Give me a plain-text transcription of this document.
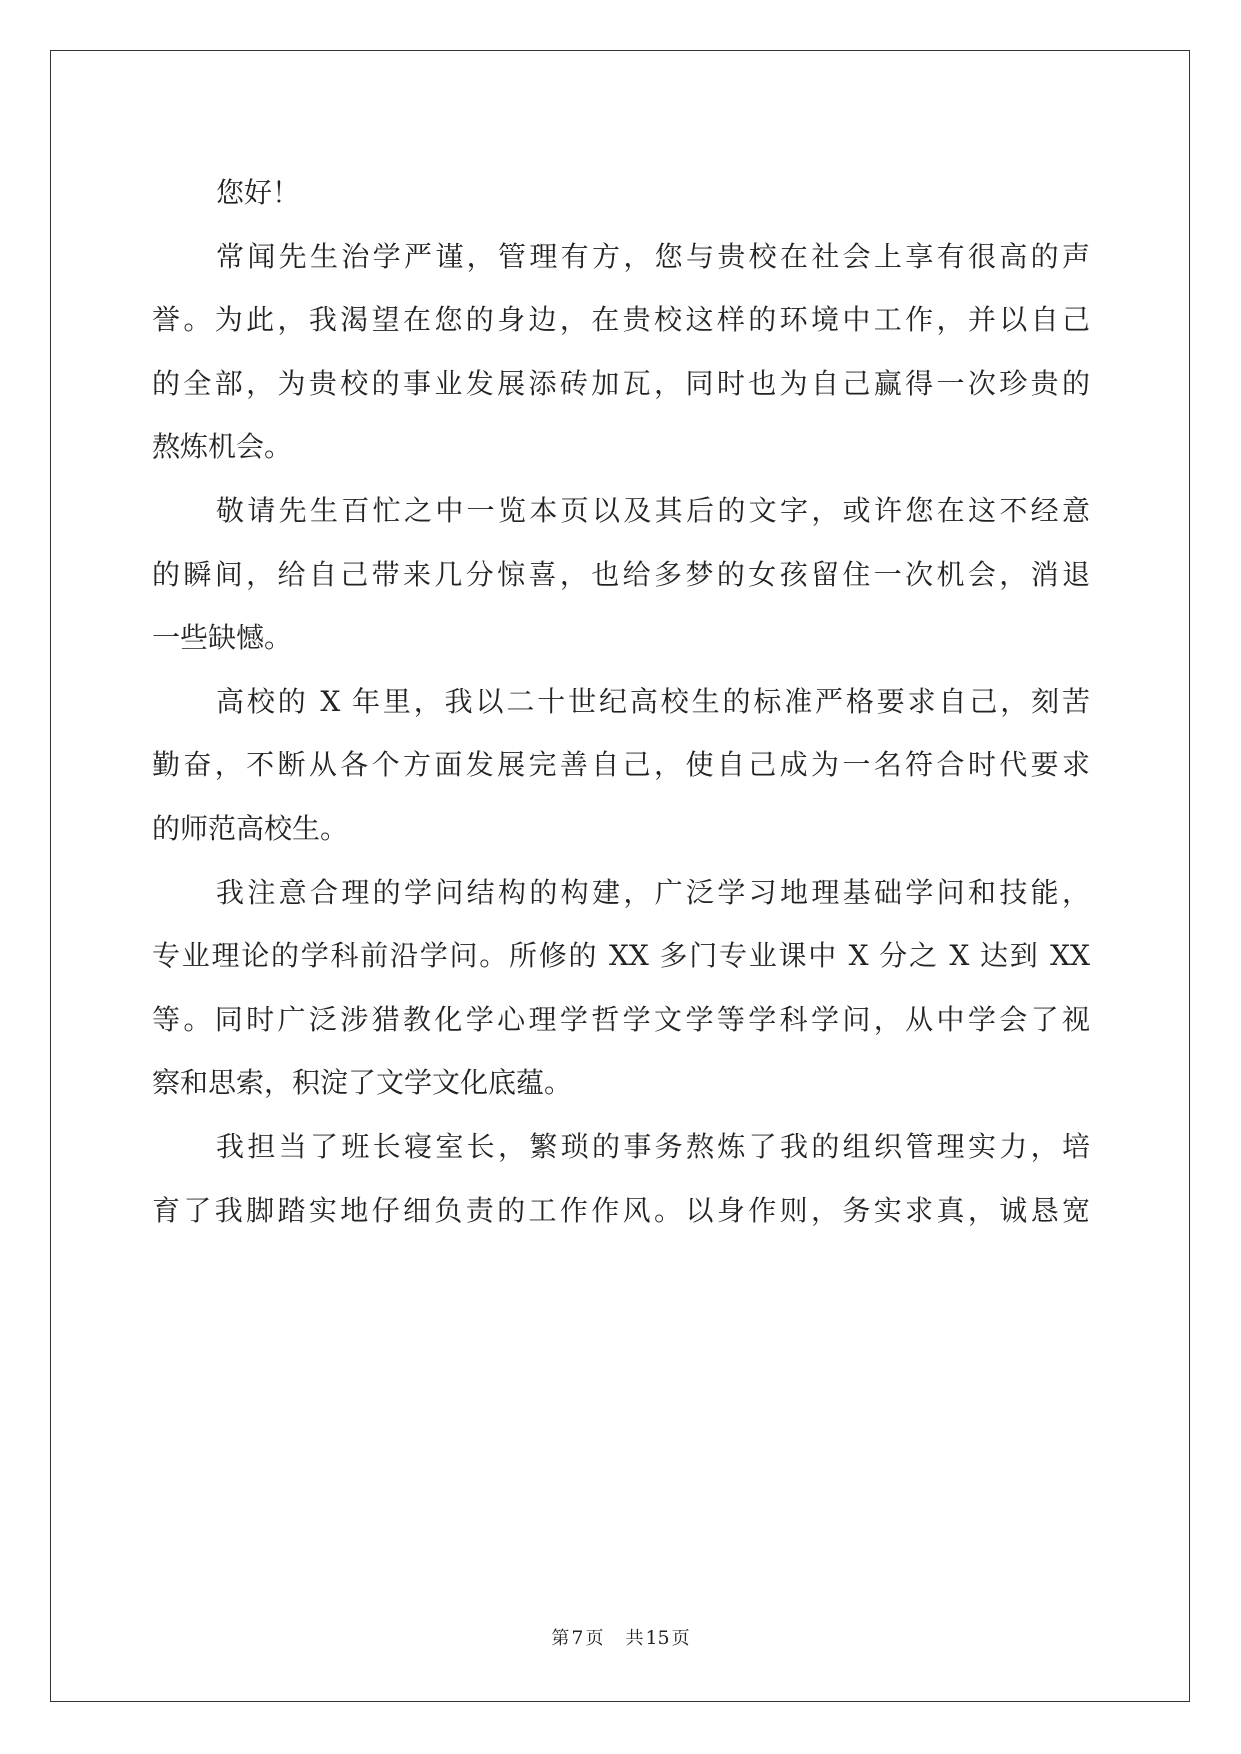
您好！
常闻先生治学严谨，管理有方，您与贵校在社会上享有很高的声
誉。为此，我渴望在您的身边，在贵校这样的环境中工作，并以自己
的全部，为贵校的事业发展添砖加瓦，同时也为自己赢得一次珍贵的
熬炼机会。
敬请先生百忙之中一览本页以及其后的文字，或许您在这不经意
的瞬间，给自己带来几分惊喜，也给多梦的女孩留住一次机会，消退
一些缺憾。
高校的 X 年里，我以二十世纪高校生的标准严格要求自己，刻苦
勤奋，不断从各个方面发展完善自己，使自己成为一名符合时代要求
的师范高校生。
我注意合理的学问结构的构建，广泛学习地理基础学问和技能，
专业理论的学科前沿学问。所修的 XX 多门专业课中 X 分之 X 达到 XX
等。同时广泛涉猎教化学心理学哲学文学等学科学问，从中学会了视
察和思索，积淀了文学文化底蕴。
我担当了班长寝室长，繁琐的事务熬炼了我的组织管理实力，培
育了我脚踏实地仔细负责的工作作风。以身作则，务实求真，诚恳宽
第 7 页 共 15 页
